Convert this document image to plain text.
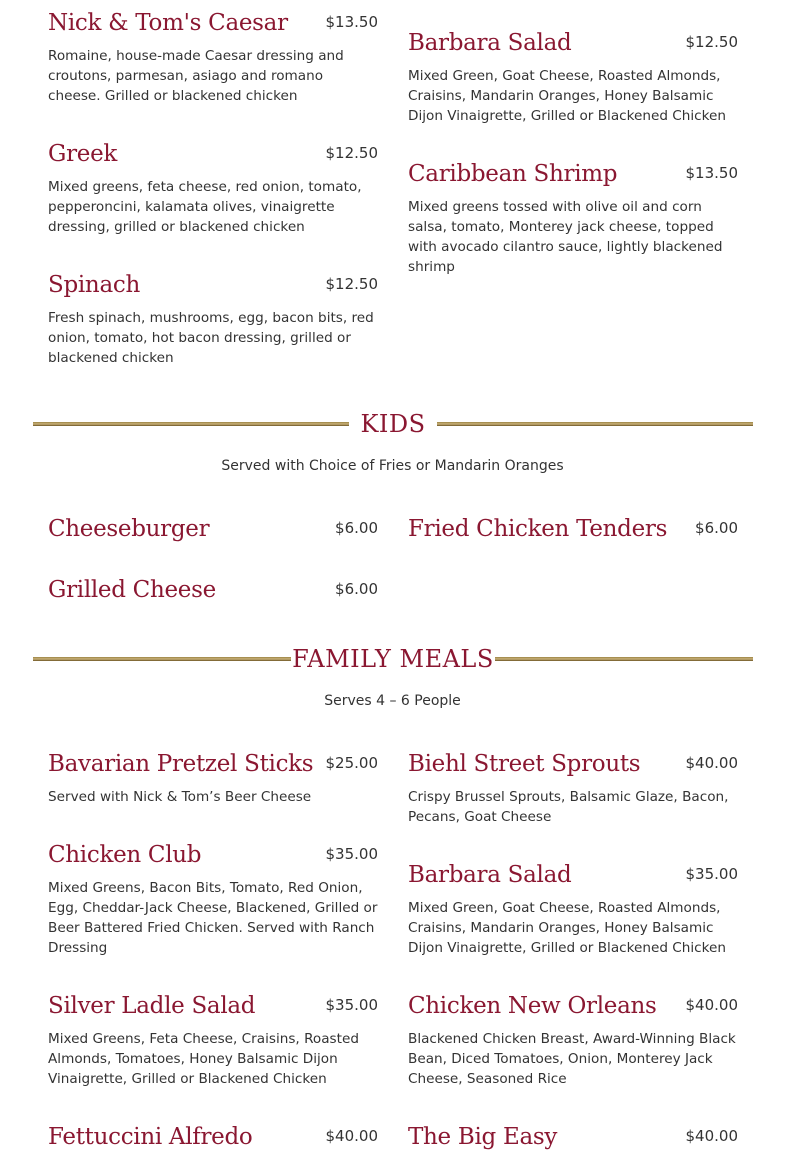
Nick & Tom's Caesar	$13.50
Romaine, house-made Caesar dressing and croutons, parmesan, asiago and romano cheese. Grilled or blackened chicken
Greek	$12.50
Mixed greens, feta cheese, red onion, tomato, pepperoncini, kalamata olives, vinaigrette dressing, grilled or blackened chicken
Spinach	$12.50
Fresh spinach, mushrooms, egg, bacon bits, red onion, tomato, hot bacon dressing, grilled or blackened chicken
Barbara Salad	$12.50
Mixed Green, Goat Cheese, Roasted Almonds, Craisins, Mandarin Oranges, Honey Balsamic Dijon Vinaigrette, Grilled or Blackened Chicken
Caribbean Shrimp	$13.50
Mixed greens tossed with olive oil and corn salsa, tomato, Monterey jack cheese, topped with avocado cilantro sauce, lightly blackened shrimp
KIDS
Served with Choice of Fries or Mandarin Oranges
Cheeseburger	$6.00
Grilled Cheese	$6.00
Fried Chicken Tenders $6.00
FAMILY MEALS
Serves 4 – 6 People
Bavarian Pretzel Sticks $25.00
Served with Nick & Tom’s Beer Cheese
Chicken Club	$35.00
Mixed Greens, Bacon Bits, Tomato, Red Onion, Egg, Cheddar-Jack Cheese, Blackened, Grilled or Beer Battered Fried Chicken. Served with Ranch Dressing
Silver Ladle Salad	$35.00
Mixed Greens, Feta Cheese, Craisins, Roasted Almonds, Tomatoes, Honey Balsamic Dijon Vinaigrette, Grilled or Blackened Chicken
Fettuccini Alfredo	$40.00
Biehl Street Sprouts	$40.00
Crispy Brussel Sprouts, Balsamic Glaze, Bacon, Pecans, Goat Cheese
Barbara Salad	$35.00
Mixed Green, Goat Cheese, Roasted Almonds, Craisins, Mandarin Oranges, Honey Balsamic Dijon Vinaigrette, Grilled or Blackened Chicken
Chicken New Orleans $40.00
Blackened Chicken Breast, Award-Winning Black Bean, Diced Tomatoes, Onion, Monterey Jack Cheese, Seasoned Rice
The Big Easy	$40.00
